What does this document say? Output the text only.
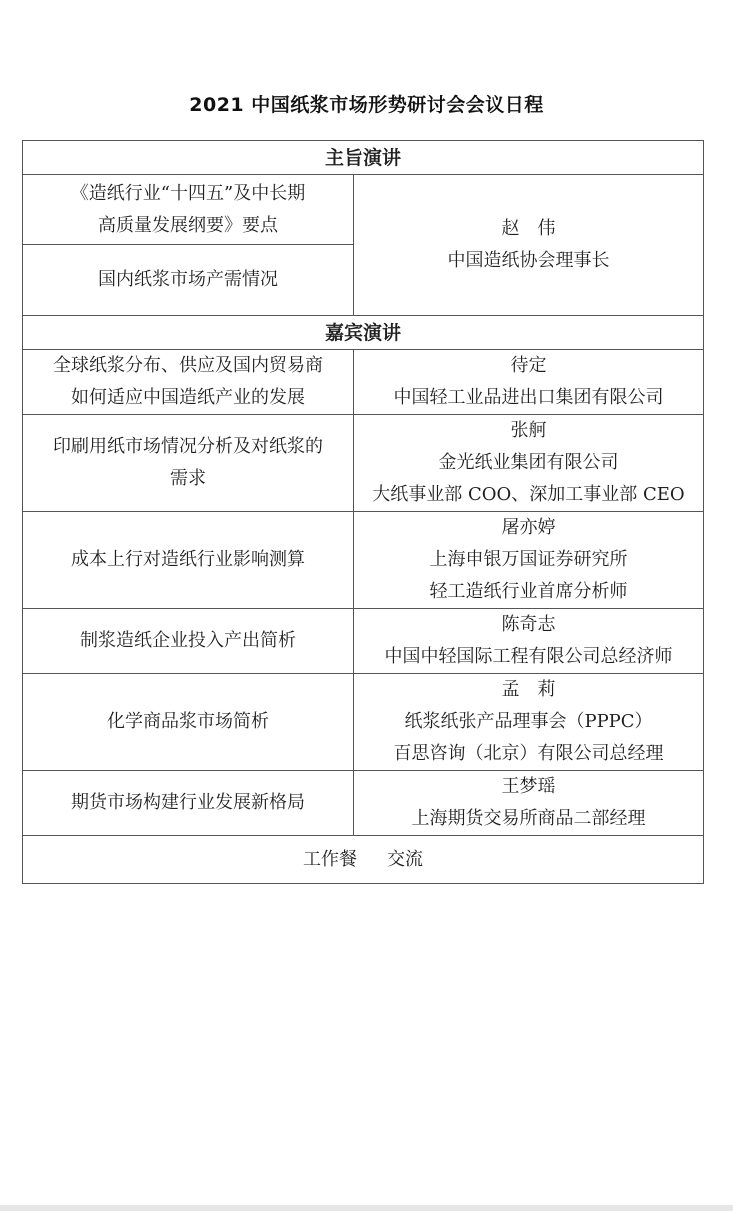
2021 中国纸浆市场形势研讨会会议日程
主旨演讲	

《造纸行业“十四五”及中长期
高质量发展纲要》要点	赵　伟
中国造纸协会理事长

国内纸浆市场产需情况	

嘉宾演讲	

全球纸浆分布、供应及国内贸易商
如何适应中国造纸产业的发展	待定
中国轻工业品进出口集团有限公司

印刷用纸市场情况分析及对纸浆的
需求	张舸
金光纸业集团有限公司
大纸事业部 COO、深加工事业部 CEO

成本上行对造纸行业影响测算	屠亦婷
上海申银万国证券研究所
轻工造纸行业首席分析师

制浆造纸企业投入产出简析	陈奇志
中国中轻国际工程有限公司总经济师

化学商品浆市场简析	孟　莉
纸浆纸张产品理事会（PPPC）
百思咨询（北京）有限公司总经理

期货市场构建行业发展新格局	王梦瑶
上海期货交易所商品二部经理

工作餐 交流	
